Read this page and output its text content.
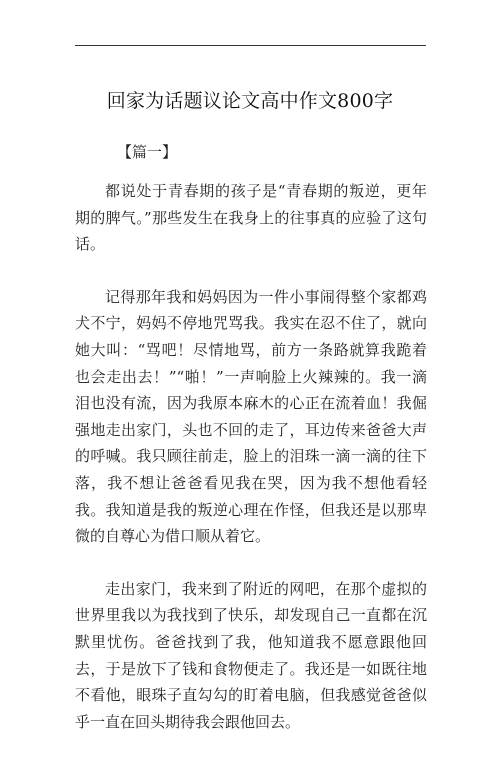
回家为话题议论文高中作文800字
【篇一】

都说处于青春期的孩子是“青春期的叛逆，更年期的脾气。”那些发生在我身上的往事真的应验了这句话。

记得那年我和妈妈因为一件小事闹得整个家都鸡犬不宁，妈妈不停地咒骂我。我实在忍不住了，就向她大叫：“骂吧！尽情地骂，前方一条路就算我跪着也会走出去！”“啪！”一声响脸上火辣辣的。我一滴泪也没有流，因为我原本麻木的心正在流着血！我倔强地走出家门，头也不回的走了，耳边传来爸爸大声的呼喊。我只顾往前走，脸上的泪珠一滴一滴的往下落，我不想让爸爸看见我在哭，因为我不想他看轻我。我知道是我的叛逆心理在作怪，但我还是以那卑微的自尊心为借口顺从着它。

走出家门，我来到了附近的网吧，在那个虚拟的世界里我以为我找到了快乐，却发现自己一直都在沉默里忧伤。爸爸找到了我，他知道我不愿意跟他回去，于是放下了钱和食物便走了。我还是一如既往地不看他，眼珠子直勾勾的盯着电脑，但我感觉爸爸似乎一直在回头期待我会跟他回去。
